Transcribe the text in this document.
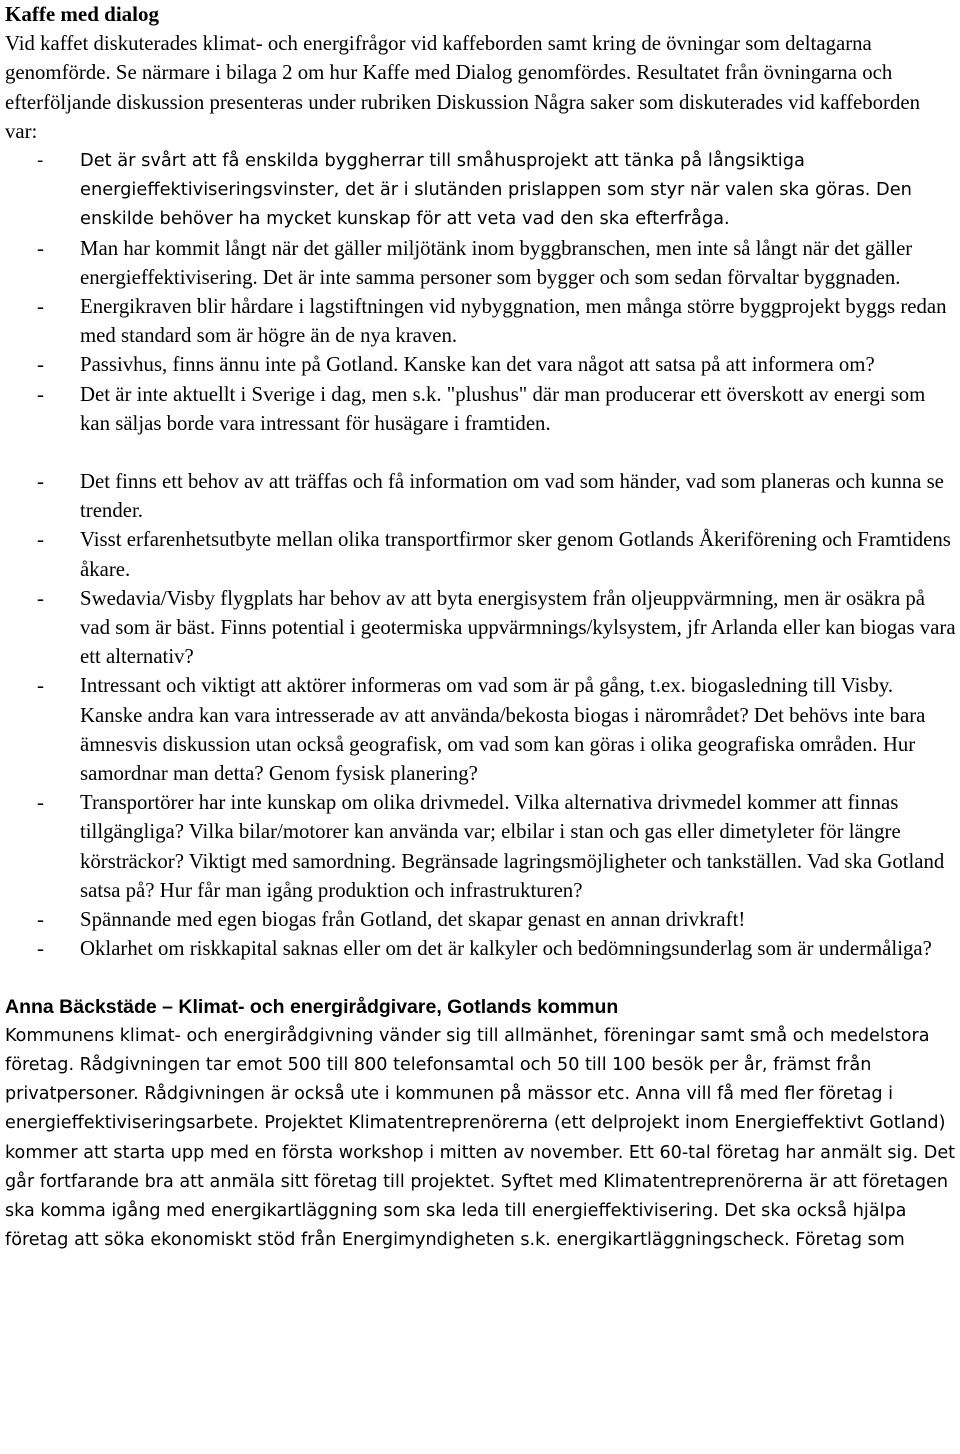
Kaffe med dialog

Vid kaffet diskuterades klimat- och energifrågor vid kaffeborden samt kring de övningar som deltagarna genomförde. Se närmare i bilaga 2 om hur Kaffe med Dialog genomfördes. Resultatet från övningarna och efterföljande diskussion presenteras under rubriken Diskussion Några saker som diskuterades vid kaffeborden var:

- Det är svårt att få enskilda byggherrar till småhusprojekt att tänka på långsiktiga energieffektiviseringsvinster, det är i slutänden prislappen som styr när valen ska göras. Den enskilde behöver ha mycket kunskap för att veta vad den ska efterfråga.
- Man har kommit långt när det gäller miljötänk inom byggbranschen, men inte så långt när det gäller energieffektivisering. Det är inte samma personer som bygger och som sedan förvaltar byggnaden.
- Energikraven blir hårdare i lagstiftningen vid nybyggnation, men många större byggprojekt byggs redan med standard som är högre än de nya kraven.
- Passivhus, finns ännu inte på Gotland. Kanske kan det vara något att satsa på att informera om?
- Det är inte aktuellt i Sverige i dag, men s.k. "plushus" där man producerar ett överskott av energi som kan säljas borde vara intressant för husägare i framtiden.
- Det finns ett behov av att träffas och få information om vad som händer, vad som planeras och kunna se trender.
- Visst erfarenhetsutbyte mellan olika transportfirmor sker genom Gotlands Åkeriförening och Framtidens åkare.
- Swedavia/Visby flygplats har behov av att byta energisystem från oljeuppvärmning, men är osäkra på vad som är bäst. Finns potential i geotermiska uppvärmnings/kylsystem, jfr Arlanda eller kan biogas vara ett alternativ?
- Intressant och viktigt att aktörer informeras om vad som är på gång, t.ex. biogasledning till Visby. Kanske andra kan vara intresserade av att använda/bekosta biogas i närområdet? Det behövs inte bara ämnesvis diskussion utan också geografisk, om vad som kan göras i olika geografiska områden. Hur samordnar man detta? Genom fysisk planering?
- Transportörer har inte kunskap om olika drivmedel. Vilka alternativa drivmedel kommer att finnas tillgängliga? Vilka bilar/motorer kan använda var; elbilar i stan och gas eller dimetyleter för längre körsträckor? Viktigt med samordning. Begränsade lagringsmöjligheter och tankställen. Vad ska Gotland satsa på? Hur får man igång produktion och infrastrukturen?
- Spännande med egen biogas från Gotland, det skapar genast en annan drivkraft!
- Oklarhet om riskkapital saknas eller om det är kalkyler och bedömningsunderlag som är undermåliga?
Anna Bäckstäde – Klimat- och energirådgivare, Gotlands kommun

Kommunens klimat- och energirådgivning vänder sig till allmänhet, föreningar samt små och medelstora företag. Rådgivningen tar emot 500 till 800 telefonsamtal och 50 till 100 besök per år, främst från privatpersoner. Rådgivningen är också ute i kommunen på mässor etc. Anna vill få med fler företag i energieffektiviseringsarbete. Projektet Klimatentreprenörerna (ett delprojekt inom Energieffektivt Gotland) kommer att starta upp med en första workshop i mitten av november. Ett 60-tal företag har anmält sig. Det går fortfarande bra att anmäla sitt företag till projektet. Syftet med Klimatentreprenörerna är att företagen ska komma igång med energikartläggning som ska leda till energieffektivisering. Det ska också hjälpa företag att söka ekonomiskt stöd från Energimyndigheten s.k. energikartläggningscheck. Företag som
